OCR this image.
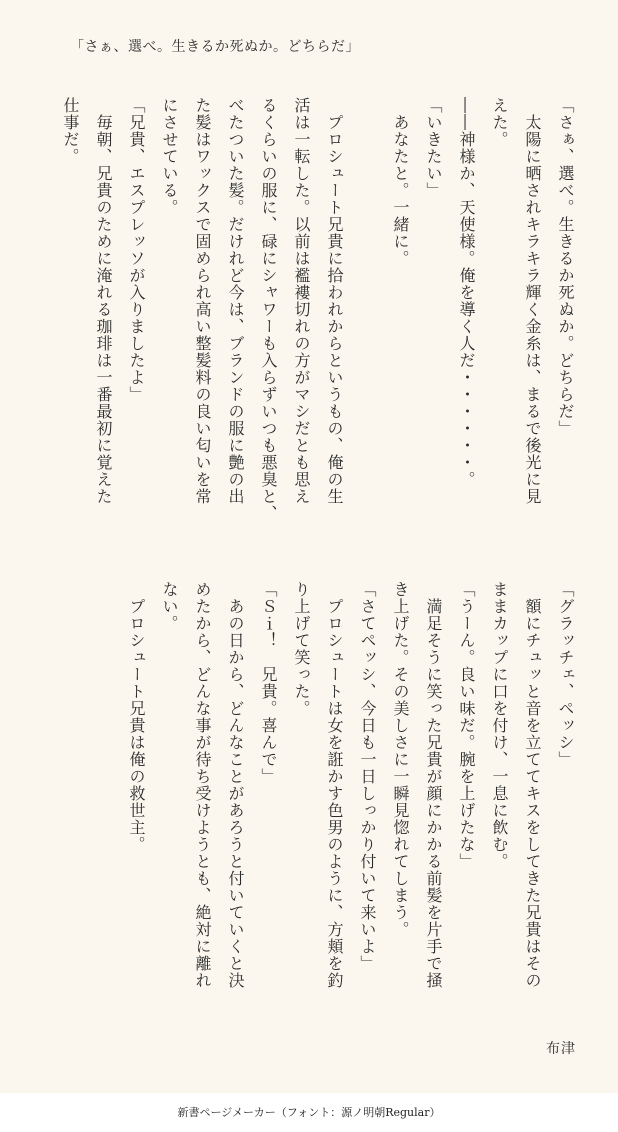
「さぁ、選べ。生きるか死ぬか。どちらだ」
「さぁ、選べ。生きるか死ぬか。どちらだ」
　太陽に晒されキラキラ輝く金糸は、まるで後光に見
えた。
――神様か、天使様。俺を導く人だ・・・・・・。
「いきたい」
　あなたと。一緒に。

　プロシュート兄貴に拾われからというもの、俺の生
活は一転した。以前は襤褸切れの方がマシだとも思え
るくらいの服に、碌にシャワーも入らずいつも悪臭と、
べたついた髪。だけれど今は、ブランドの服に艶の出
た髪はワックスで固められ高い整髪料の良い匂いを常
にさせている。
「兄貴、エスプレッソが入りましたよ」
　毎朝、兄貴のために淹れる珈琲は一番最初に覚えた
仕事だ。
「グラッチェ、ペッシ」
　額にチュッと音を立ててキスをしてきた兄貴はその
ままカップに口を付け、一息に飲む。
「うーん。良い味だ。腕を上げたな」
　満足そうに笑った兄貴が顔にかかる前髪を片手で掻
き上げた。その美しさに一瞬見惚れてしまう。
「さてペッシ、今日も一日しっかり付いて来いよ」
　プロシュートは女を誑かす色男のように、方頬を釣
り上げて笑った。
「Ｓｉ！　兄貴。喜んで」
　あの日から、どんなことがあろうと付いていくと決
めたから、どんな事が待ち受けようとも、絶対に離れ
ない。
　プロシュート兄貴は俺の救世主。

布津

新書ページメーカー（フォント：源ノ明朝Regular）
